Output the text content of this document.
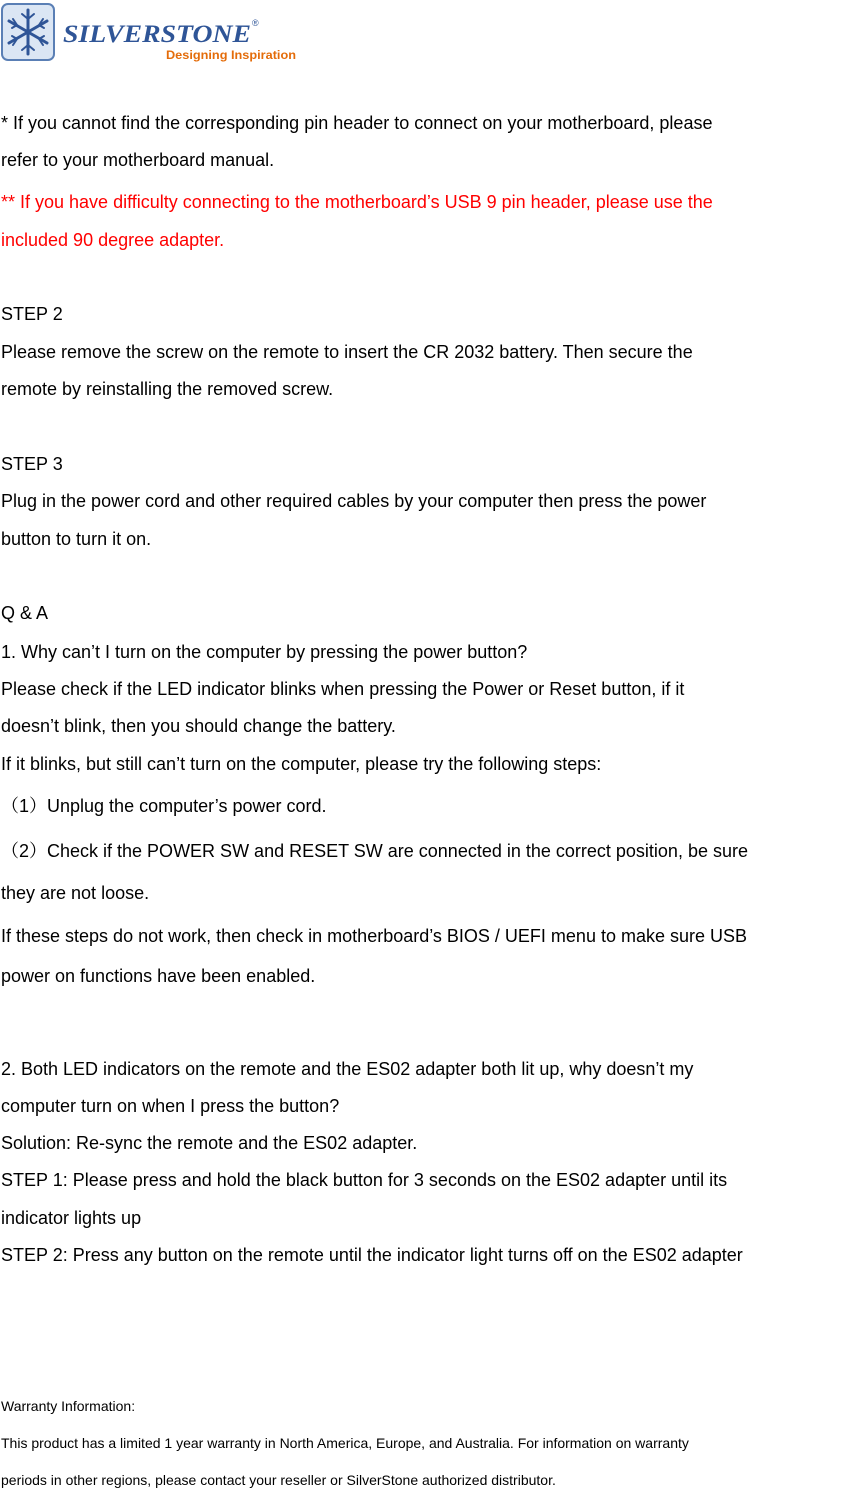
SILVERSTONE ®
Designing Inspiration
* If you cannot find the corresponding pin header to connect on your motherboard, please
refer to your motherboard manual.
** If you have difficulty connecting to the motherboard’s USB 9 pin header, please use the
included 90 degree adapter.
STEP 2
Please remove the screw on the remote to insert the CR 2032 battery. Then secure the
remote by reinstalling the removed screw.
STEP 3
Plug in the power cord and other required cables by your computer then press the power
button to turn it on.
Q & A
1. Why can’t I turn on the computer by pressing the power button?
Please check if the LED indicator blinks when pressing the Power or Reset button, if it
doesn’t blink, then you should change the battery.
If it blinks, but still can’t turn on the computer, please try the following steps:
（1）Unplug the computer’s power cord.
（2）Check if the POWER SW and RESET SW are connected in the correct position, be sure
they are not loose.
If these steps do not work, then check in motherboard’s BIOS / UEFI menu to make sure USB
power on functions have been enabled.
2. Both LED indicators on the remote and the ES02 adapter both lit up, why doesn’t my
computer turn on when I press the button?
Solution: Re-sync the remote and the ES02 adapter.
STEP 1: Please press and hold the black button for 3 seconds on the ES02 adapter until its
indicator lights up
STEP 2: Press any button on the remote until the indicator light turns off on the ES02 adapter
Warranty Information:
This product has a limited 1 year warranty in North America, Europe, and Australia. For information on warranty
periods in other regions, please contact your reseller or SilverStone authorized distributor.
